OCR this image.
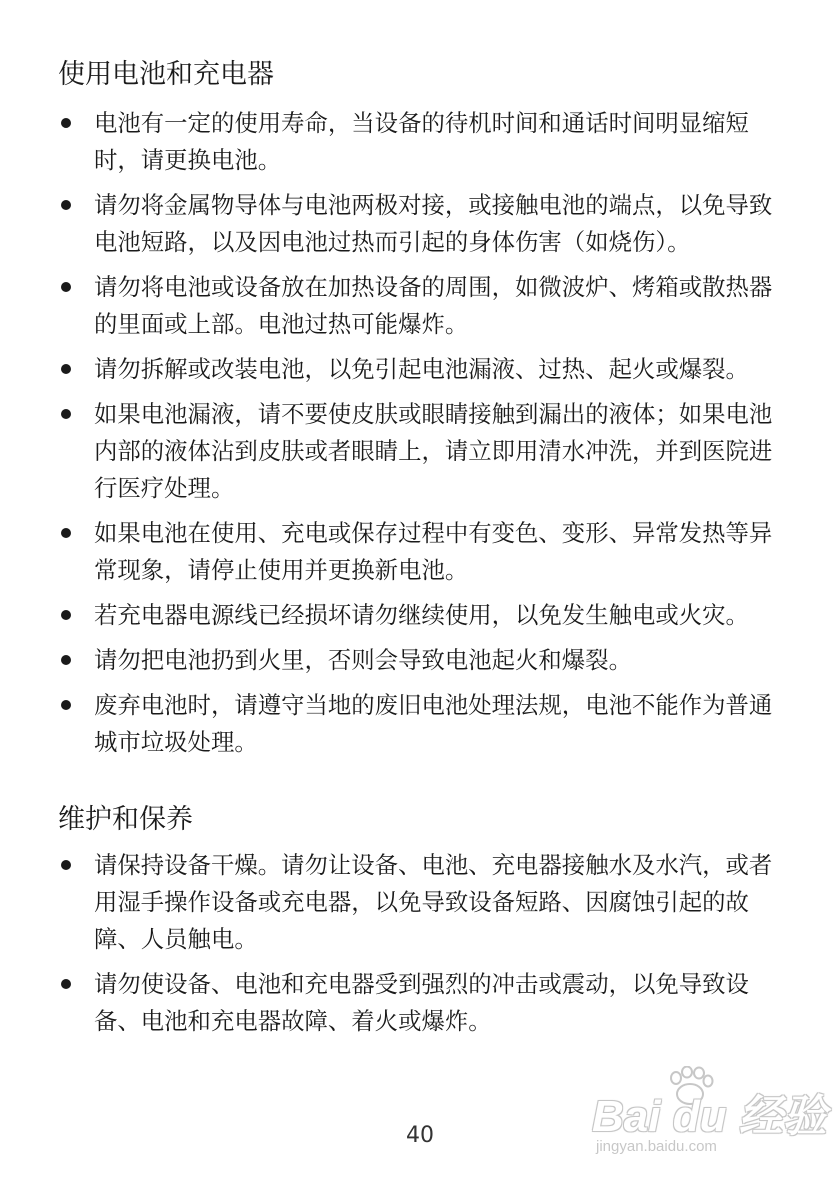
使用电池和充电器
电池有一定的使用寿命，当设备的待机时间和通话时间明显缩短时，请更换电池。
请勿将金属物导体与电池两极对接，或接触电池的端点，以免导致电池短路，以及因电池过热而引起的身体伤害（如烧伤）。
请勿将电池或设备放在加热设备的周围，如微波炉、烤箱或散热器的里面或上部。电池过热可能爆炸。
请勿拆解或改装电池，以免引起电池漏液、过热、起火或爆裂。
如果电池漏液，请不要使皮肤或眼睛接触到漏出的液体；如果电池内部的液体沾到皮肤或者眼睛上，请立即用清水冲洗，并到医院进行医疗处理。
如果电池在使用、充电或保存过程中有变色、变形、异常发热等异常现象，请停止使用并更换新电池。
若充电器电源线已经损坏请勿继续使用，以免发生触电或火灾。
请勿把电池扔到火里，否则会导致电池起火和爆裂。
废弃电池时，请遵守当地的废旧电池处理法规，电池不能作为普通城市垃圾处理。
维护和保养
请保持设备干燥。请勿让设备、电池、充电器接触水及水汽，或者用湿手操作设备或充电器，以免导致设备短路、因腐蚀引起的故障、人员触电。
请勿使设备、电池和充电器受到强烈的冲击或震动，以免导致设备、电池和充电器故障、着火或爆炸。
Bai du 经验
jingyan.baidu.com
40
